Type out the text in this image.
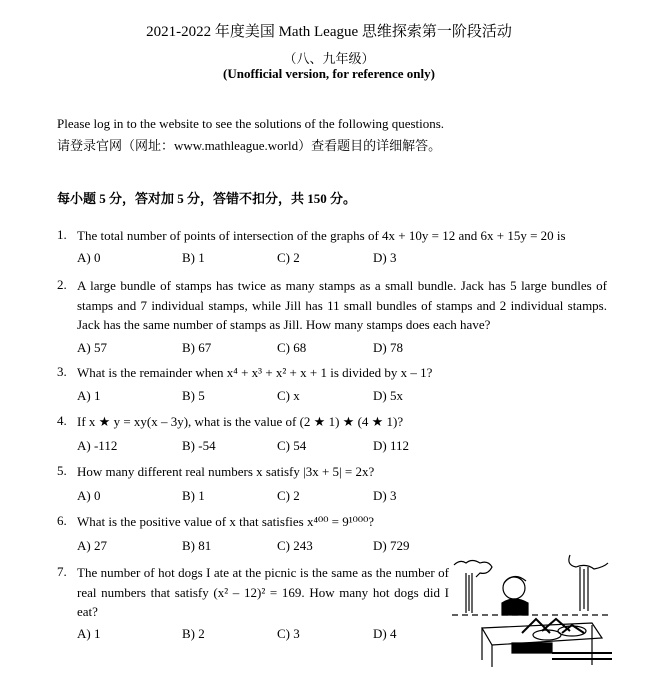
2021-2022 年度美国 Math League 思维探索第一阶段活动
（八、九年级）
(Unofficial version, for reference only)
Please log in to the website to see the solutions of the following questions.
请登录官网（网址：www.mathleague.world）查看题目的详细解答。
每小题 5 分，答对加 5 分，答错不扣分，共 150 分。
1. The total number of points of intersection of the graphs of 4x + 10y = 12 and 6x + 15y = 20 is
A) 0	B) 1	C) 2	D) 3
2. A large bundle of stamps has twice as many stamps as a small bundle. Jack has 5 large bundles of stamps and 7 individual stamps, while Jill has 11 small bundles of stamps and 2 individual stamps. Jack has the same number of stamps as Jill. How many stamps does each have?
A) 57	B) 67	C) 68	D) 78
3. What is the remainder when x⁴ + x³ + x² + x + 1 is divided by x – 1?
A) 1	B) 5	C) x	D) 5x
4. If x ★ y = xy(x – 3y), what is the value of (2 ★ 1) ★ (4 ★ 1)?
A) -112	B) -54	C) 54	D) 112
5. How many different real numbers x satisfy |3x + 5| = 2x?
A) 0	B) 1	C) 2	D) 3
6. What is the positive value of x that satisfies x⁴⁰⁰ = 9¹⁰⁰⁰?
A) 27	B) 81	C) 243	D) 729
7. The number of hot dogs I ate at the picnic is the same as the number of real numbers that satisfy (x² – 12)² = 169. How many hot dogs did I eat?
A) 1	B) 2	C) 3	D) 4
